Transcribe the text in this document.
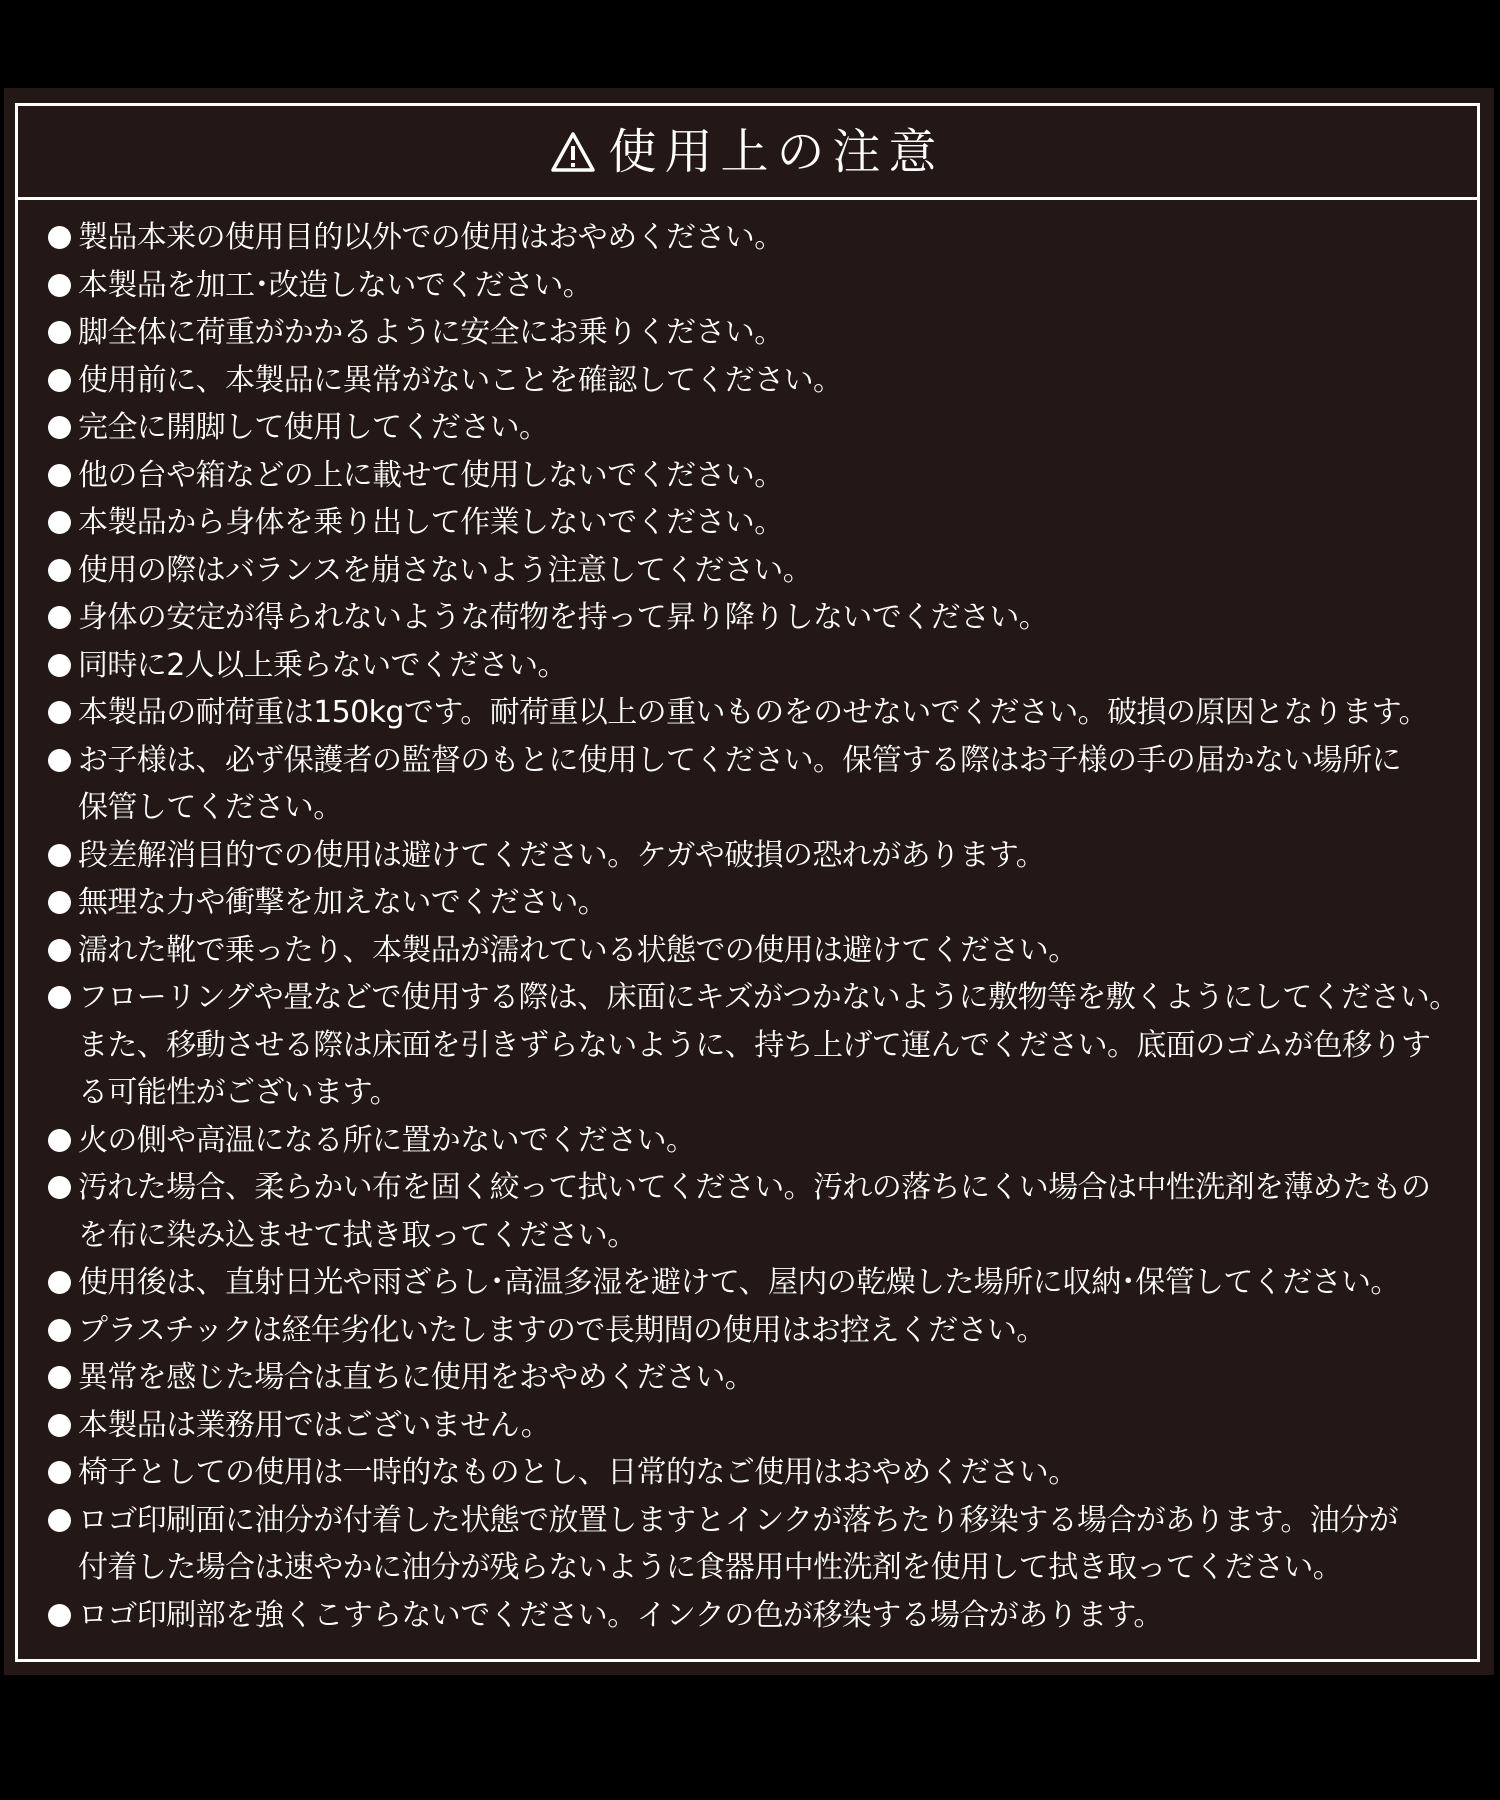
使用上の注意
製品本来の使用目的以外での使用はおやめください。
本製品を加工･改造しないでください。
脚全体に荷重がかかるように安全にお乗りください。
使用前に、本製品に異常がないことを確認してください。
完全に開脚して使用してください。
他の台や箱などの上に載せて使用しないでください。
本製品から身体を乗り出して作業しないでください。
使用の際はバランスを崩さないよう注意してください。
身体の安定が得られないような荷物を持って昇り降りしないでください。
同時に2人以上乗らないでください。
本製品の耐荷重は150kgです。耐荷重以上の重いものをのせないでください。破損の原因となります。
お子様は、必ず保護者の監督のもとに使用してください。保管する際はお子様の手の届かない場所に
保管してください。
段差解消目的での使用は避けてください。ケガや破損の恐れがあります。
無理な力や衝撃を加えないでください。
濡れた靴で乗ったり、本製品が濡れている状態での使用は避けてください。
フローリングや畳などで使用する際は、床面にキズがつかないように敷物等を敷くようにしてください。
また、移動させる際は床面を引きずらないように、持ち上げて運んでください。底面のゴムが色移りす
る可能性がございます。
火の側や高温になる所に置かないでください。
汚れた場合、柔らかい布を固く絞って拭いてください。汚れの落ちにくい場合は中性洗剤を薄めたもの
を布に染み込ませて拭き取ってください。
使用後は、直射日光や雨ざらし･高温多湿を避けて、屋内の乾燥した場所に収納･保管してください。
プラスチックは経年劣化いたしますので長期間の使用はお控えください。
異常を感じた場合は直ちに使用をおやめください。
本製品は業務用ではございません。
椅子としての使用は一時的なものとし、日常的なご使用はおやめください。
ロゴ印刷面に油分が付着した状態で放置しますとインクが落ちたり移染する場合があります。油分が
付着した場合は速やかに油分が残らないように食器用中性洗剤を使用して拭き取ってください。
ロゴ印刷部を強くこすらないでください。インクの色が移染する場合があります。
